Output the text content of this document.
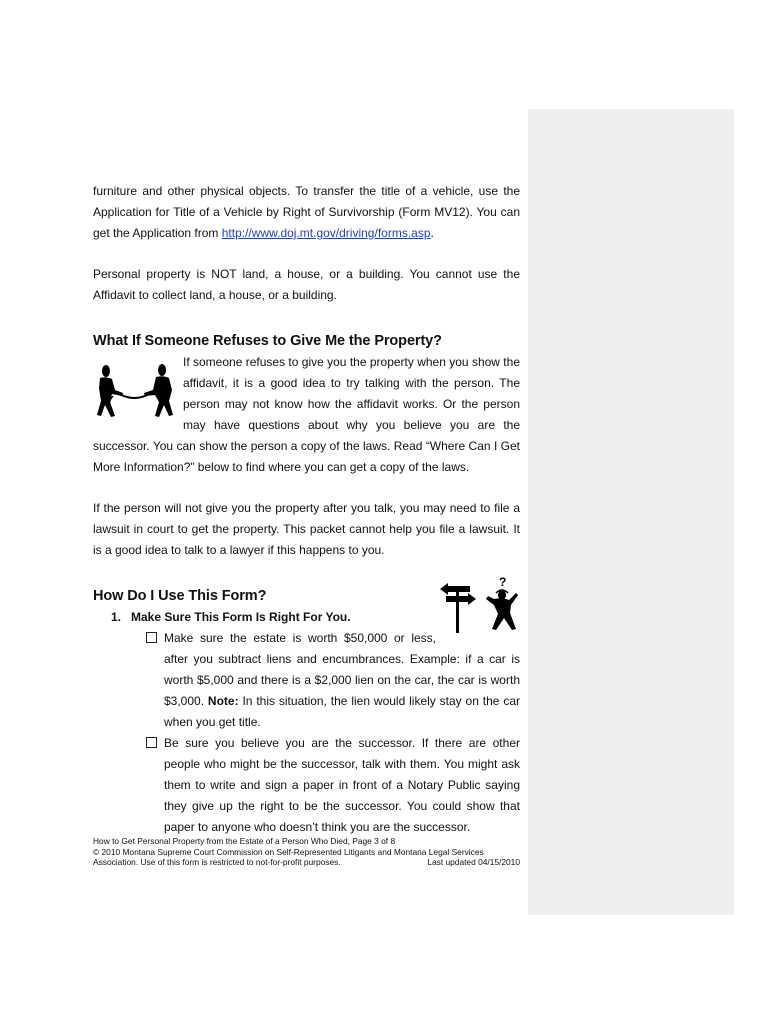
furniture and other physical objects. To transfer the title of a vehicle, use the Application for Title of a Vehicle by Right of Survivorship (Form MV12). You can get the Application from http://www.doj.mt.gov/driving/forms.asp.

Personal property is NOT land, a house, or a building. You cannot use the Affidavit to collect land, a house, or a building.

What If Someone Refuses to Give Me the Property?

If someone refuses to give you the property when you show the affidavit, it is a good idea to try talking with the person. The person may not know how the affidavit works. Or the person may have questions about why you believe you are the successor. You can show the person a copy of the laws. Read “Where Can I Get More Information?” below to find where you can get a copy of the laws.

If the person will not give you the property after you talk, you may need to file a lawsuit in court to get the property. This packet cannot help you file a lawsuit. It is a good idea to talk to a lawyer if this happens to you.

?
How Do I Use This Form?

1. Make Sure This Form Is Right For You.

Make sure the estate is worth $50,000 or less, after you subtract liens and encumbrances. Example: if a car is worth $5,000 and there is a $2,000 lien on the car, the car is worth $3,000. Note: In this situation, the lien would likely stay on the car when you get title.

Be sure you believe you are the successor. If there are other people who might be the successor, talk with them. You might ask them to write and sign a paper in front of a Notary Public saying they give up the right to be the successor. You could show that paper to anyone who doesn’t think you are the successor.

How to Get Personal Property from the Estate of a Person Who Died, Page 3 of 8
© 2010 Montana Supreme Court Commission on Self-Represented Litigants and Montana Legal Services
Association. Use of this form is restricted to not-for-profit purposes.	Last updated 04/15/2010
